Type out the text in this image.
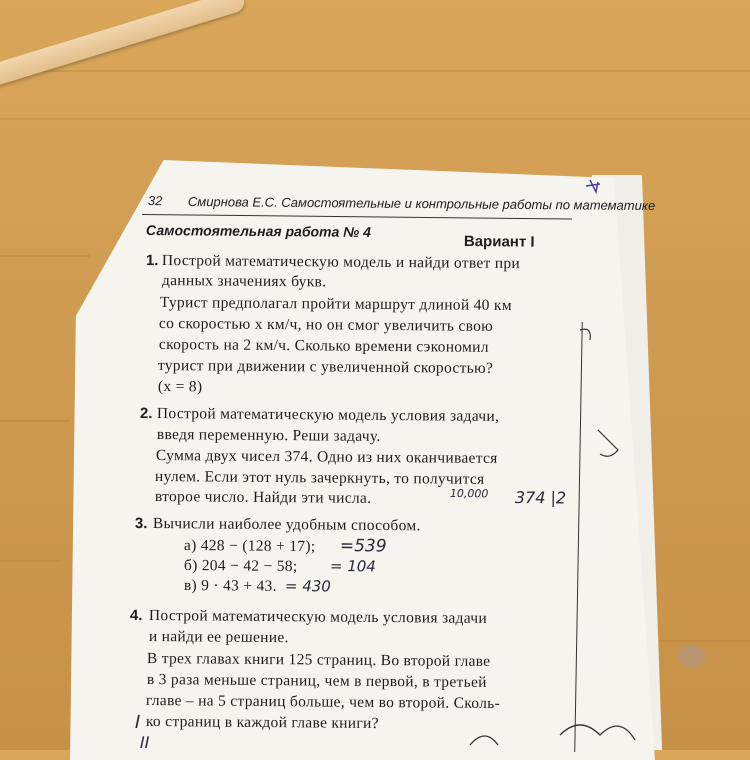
32 Смирнова Е.С. Самостоятельные и контрольные работы по математике
Самостоятельная работа № 4
Вариант I
1. Построй математическую модель и найди ответ при
данных значениях букв.
Турист предполагал пройти маршрут длиной 40 км
со скоростью x км/ч, но он смог увеличить свою
скорость на 2 км/ч. Сколько времени сэкономил
турист при движении с увеличенной скоростью?
(x = 8)
2. Построй математическую модель условия задачи,
введя переменную. Реши задачу.
Сумма двух чисел 374. Одно из них оканчивается
нулем. Если этот нуль зачеркнуть, то получится
второе число. Найди эти числа.	10,000 374 |2
3. Вычисли наиболее удобным способом.
а) 428 − (128 + 17);
б) 204 − 42 − 58;
в) 9 · 43 + 43.
=539
= 104
= 430
4. Построй математическую модель условия задачи
и найди ее решение.
В трех главах книги 125 страниц. Во второй главе
в 3 раза меньше страниц, чем в первой, в третьей
главе – на 5 страниц больше, чем во второй. Сколь-
ко страниц в каждой главе книги?
I
II
